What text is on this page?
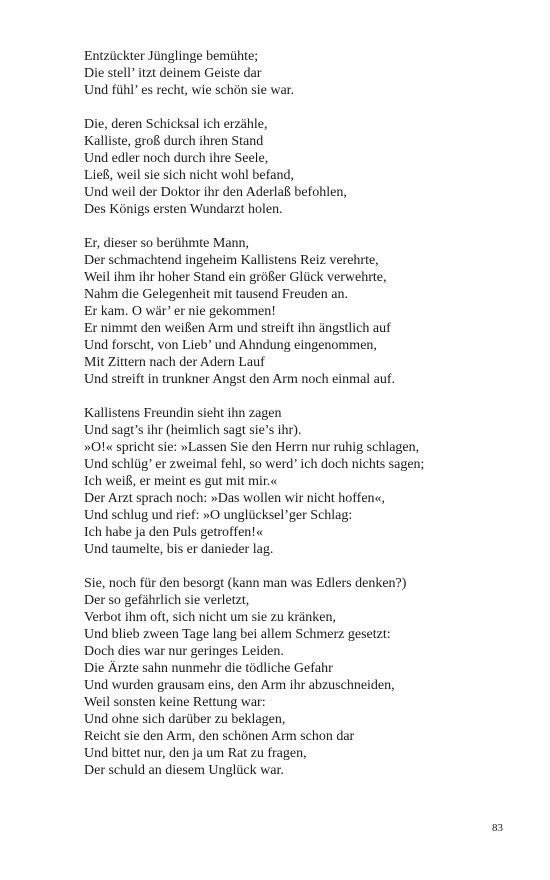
Entzückter Jünglinge bemühte;
Die stell’ itzt deinem Geiste dar
Und fühl’ es recht, wie schön sie war.
Die, deren Schicksal ich erzähle,
Kalliste, groß durch ihren Stand
Und edler noch durch ihre Seele,
Ließ, weil sie sich nicht wohl befand,
Und weil der Doktor ihr den Aderlaß befohlen,
Des Königs ersten Wundarzt holen.
Er, dieser so berühmte Mann,
Der schmachtend ingeheim Kallistens Reiz verehrte,
Weil ihm ihr hoher Stand ein größer Glück verwehrte,
Nahm die Gelegenheit mit tausend Freuden an.
Er kam. O wär’ er nie gekommen!
Er nimmt den weißen Arm und streift ihn ängstlich auf
Und forscht, von Lieb’ und Ahndung eingenommen,
Mit Zittern nach der Adern Lauf
Und streift in trunkner Angst den Arm noch einmal auf.
Kallistens Freundin sieht ihn zagen
Und sagt’s ihr (heimlich sagt sie’s ihr).
»O!« spricht sie: »Lassen Sie den Herrn nur ruhig schlagen,
Und schlüg’ er zweimal fehl, so werd’ ich doch nichts sagen;
Ich weiß, er meint es gut mit mir.«
Der Arzt sprach noch: »Das wollen wir nicht hoffen«,
Und schlug und rief: »O unglücksel’ger Schlag:
Ich habe ja den Puls getroffen!«
Und taumelte, bis er danieder lag.
Sie, noch für den besorgt (kann man was Edlers denken?)
Der so gefährlich sie verletzt,
Verbot ihm oft, sich nicht um sie zu kränken,
Und blieb zween Tage lang bei allem Schmerz gesetzt:
Doch dies war nur geringes Leiden.
Die Ärzte sahn nunmehr die tödliche Gefahr
Und wurden grausam eins, den Arm ihr abzuschneiden,
Weil sonsten keine Rettung war:
Und ohne sich darüber zu beklagen,
Reicht sie den Arm, den schönen Arm schon dar
Und bittet nur, den ja um Rat zu fragen,
Der schuld an diesem Unglück war.
83
